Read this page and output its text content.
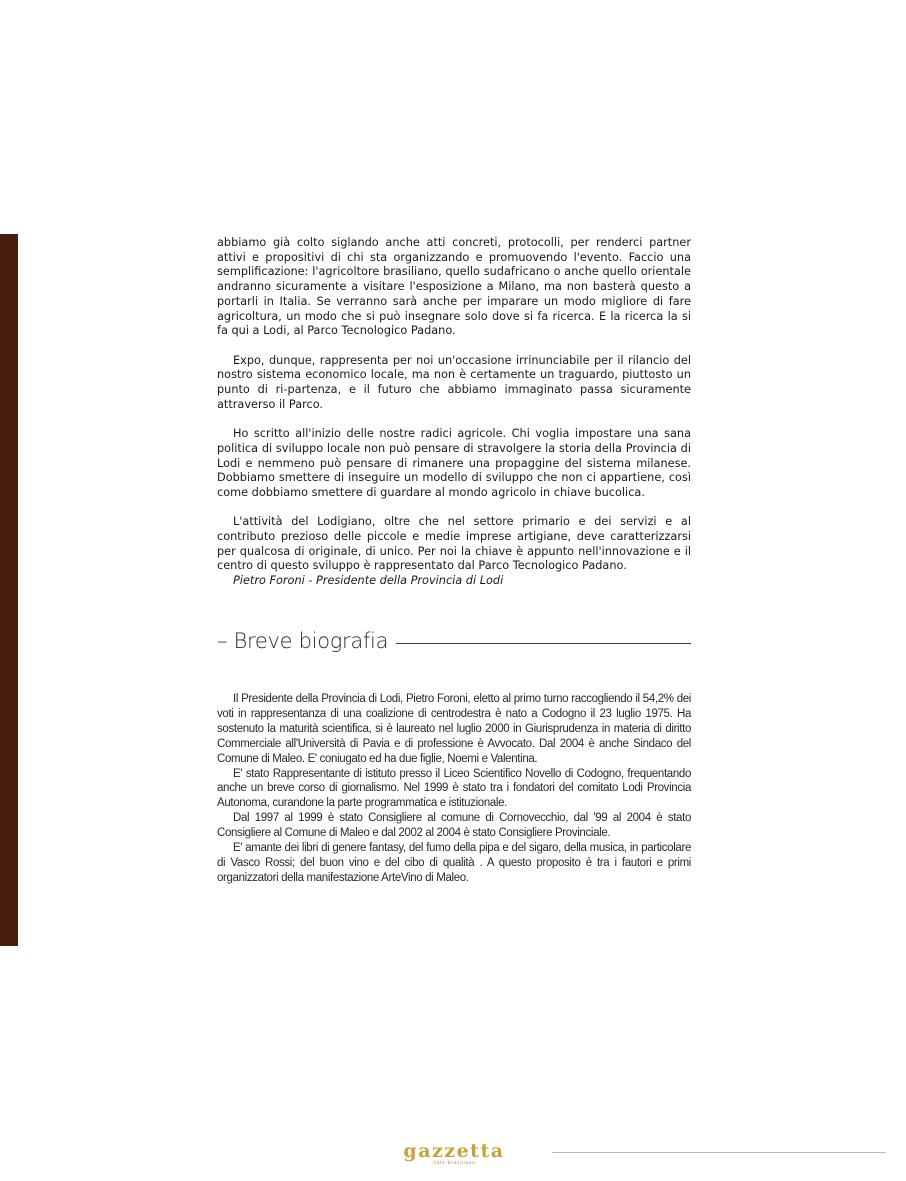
abbiamo già colto siglando anche atti concreti, protocolli, per renderci partner attivi e propositivi di chi sta organizzando e promuovendo l'evento. Faccio una semplificazione: l'agricoltore brasiliano, quello sudafricano o anche quello orientale andranno sicuramente a visitare l'esposizione a Milano, ma non basterà questo a portarli in Italia. Se verranno sarà anche per imparare un modo migliore di fare agricoltura, un modo che si può insegnare solo dove si fa ricerca. E la ricerca la si fa qui a Lodi, al Parco Tecnologico Padano.

Expo, dunque, rappresenta per noi un'occasione irrinunciabile per il rilancio del nostro sistema economico locale, ma non è certamente un traguardo, piuttosto un punto di ri-partenza, e il futuro che abbiamo immaginato passa sicuramente attraverso il Parco.

Ho scritto all'inizio delle nostre radici agricole. Chi voglia impostare una sana politica di sviluppo locale non può pensare di stravolgere la storia della Provincia di Lodi e nemmeno può pensare di rimanere una propaggine del sistema milanese. Dobbiamo smettere di inseguire un modello di sviluppo che non ci appartiene, così come dobbiamo smettere di guardare al mondo agricolo in chiave bucolica.

L'attività del Lodigiano, oltre che nel settore primario e dei servizi e al contributo prezioso delle piccole e medie imprese artigiane, deve caratterizzarsi per qualcosa di originale, di unico. Per noi la chiave è appunto nell'innovazione e il centro di questo sviluppo è rappresentato dal Parco Tecnologico Padano.

Pietro Foroni - Presidente della Provincia di Lodi

– Breve biografia

Il Presidente della Provincia di Lodi, Pietro Foroni, eletto al primo turno raccogliendo il 54,2% dei voti in rappresentanza di una coalizione di centrodestra è nato a Codogno il 23 luglio 1975. Ha sostenuto la maturità scientifica, si è laureato nel luglio 2000 in Giurisprudenza in materia di diritto Commerciale all'Università di Pavia e di professione è Avvocato. Dal 2004 è anche Sindaco del Comune di Maleo. E' coniugato ed ha due figlie, Noemi e Valentina.

E' stato Rappresentante di istituto presso il Liceo Scientifico Novello di Codogno, frequentando anche un breve corso di giornalismo. Nel 1999 è stato tra i fondatori del comitato Lodi Provincia Autonoma, curandone la parte programmatica e istituzionale.

Dal 1997 al 1999 è stato Consigliere al comune di Cornovecchio, dal '99 al 2004 è stato Consigliere al Comune di Maleo e dal 2002 al 2004 è stato Consigliere Provinciale.

E' amante dei libri di genere fantasy, del fumo della pipa e del sigaro, della musica, in particolare di Vasco Rossi; del buon vino e del cibo di qualità . A questo proposito è tra i fautori e primi organizzatori della manifestazione ArteVino di Maleo.

gazzetta
italo-brasiliana
